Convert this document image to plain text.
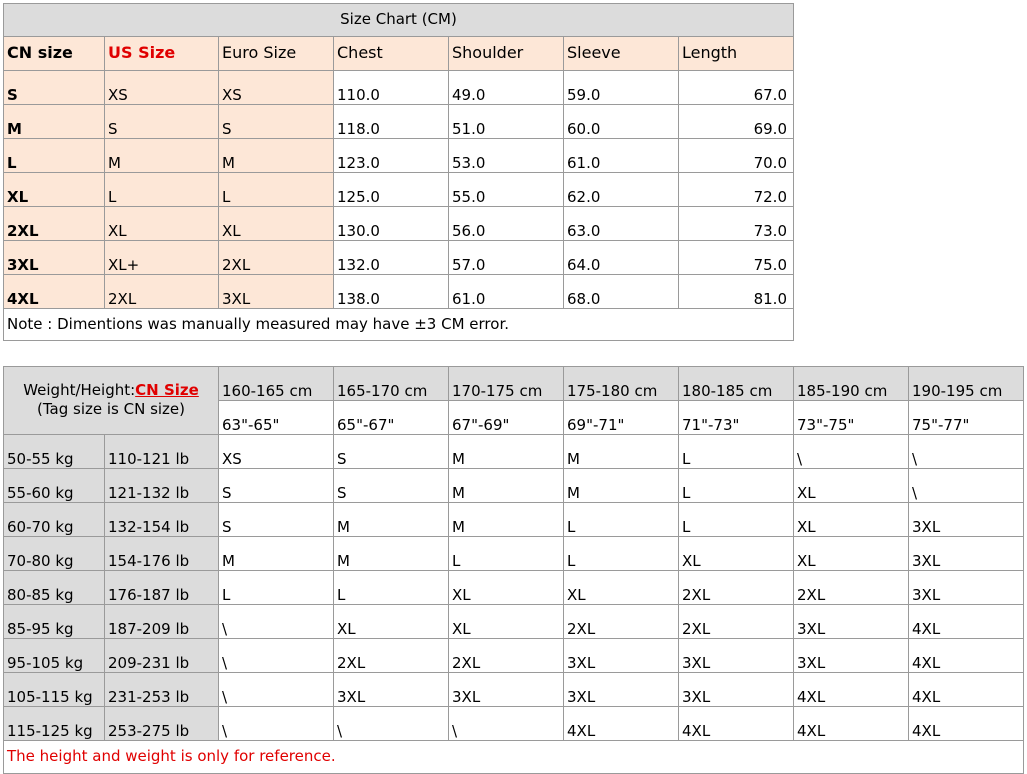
Size Chart (CM)						
CN size	US Size	Euro Size	Chest	Shoulder	Sleeve	Length
S	XS	XS	110.0	49.0	59.0	67.0
M	S	S	118.0	51.0	60.0	69.0
L	M	M	123.0	53.0	61.0	70.0
XL	L	L	125.0	55.0	62.0	72.0
2XL	XL	XL	130.0	56.0	63.0	73.0
3XL	XL+	2XL	132.0	57.0	64.0	75.0
4XL	2XL	3XL	138.0	61.0	68.0	81.0
Note : Dimentions was manually measured may have ±3 CM error.						
Weight/Height:CN Size
(Tag size is CN size)		160-165 cm	165-170 cm	170-175 cm	175-180 cm	180-185 cm	185-190 cm	190-195 cm
		63"-65"	65"-67"	67"-69"	69"-71"	71"-73"	73"-75"	75"-77"
50-55 kg	110-121 lb	XS	S	M	M	L	\	\
55-60 kg	121-132 lb	S	S	M	M	L	XL	\
60-70 kg	132-154 lb	S	M	M	L	L	XL	3XL
70-80 kg	154-176 lb	M	M	L	L	XL	XL	3XL
80-85 kg	176-187 lb	L	L	XL	XL	2XL	2XL	3XL
85-95 kg	187-209 lb	\	XL	XL	2XL	2XL	3XL	4XL
95-105 kg	209-231 lb	\	2XL	2XL	3XL	3XL	3XL	4XL
105-115 kg	231-253 lb	\	3XL	3XL	3XL	3XL	4XL	4XL
115-125 kg	253-275 lb	\	\	\	4XL	4XL	4XL	4XL
The height and weight is only for reference.								
